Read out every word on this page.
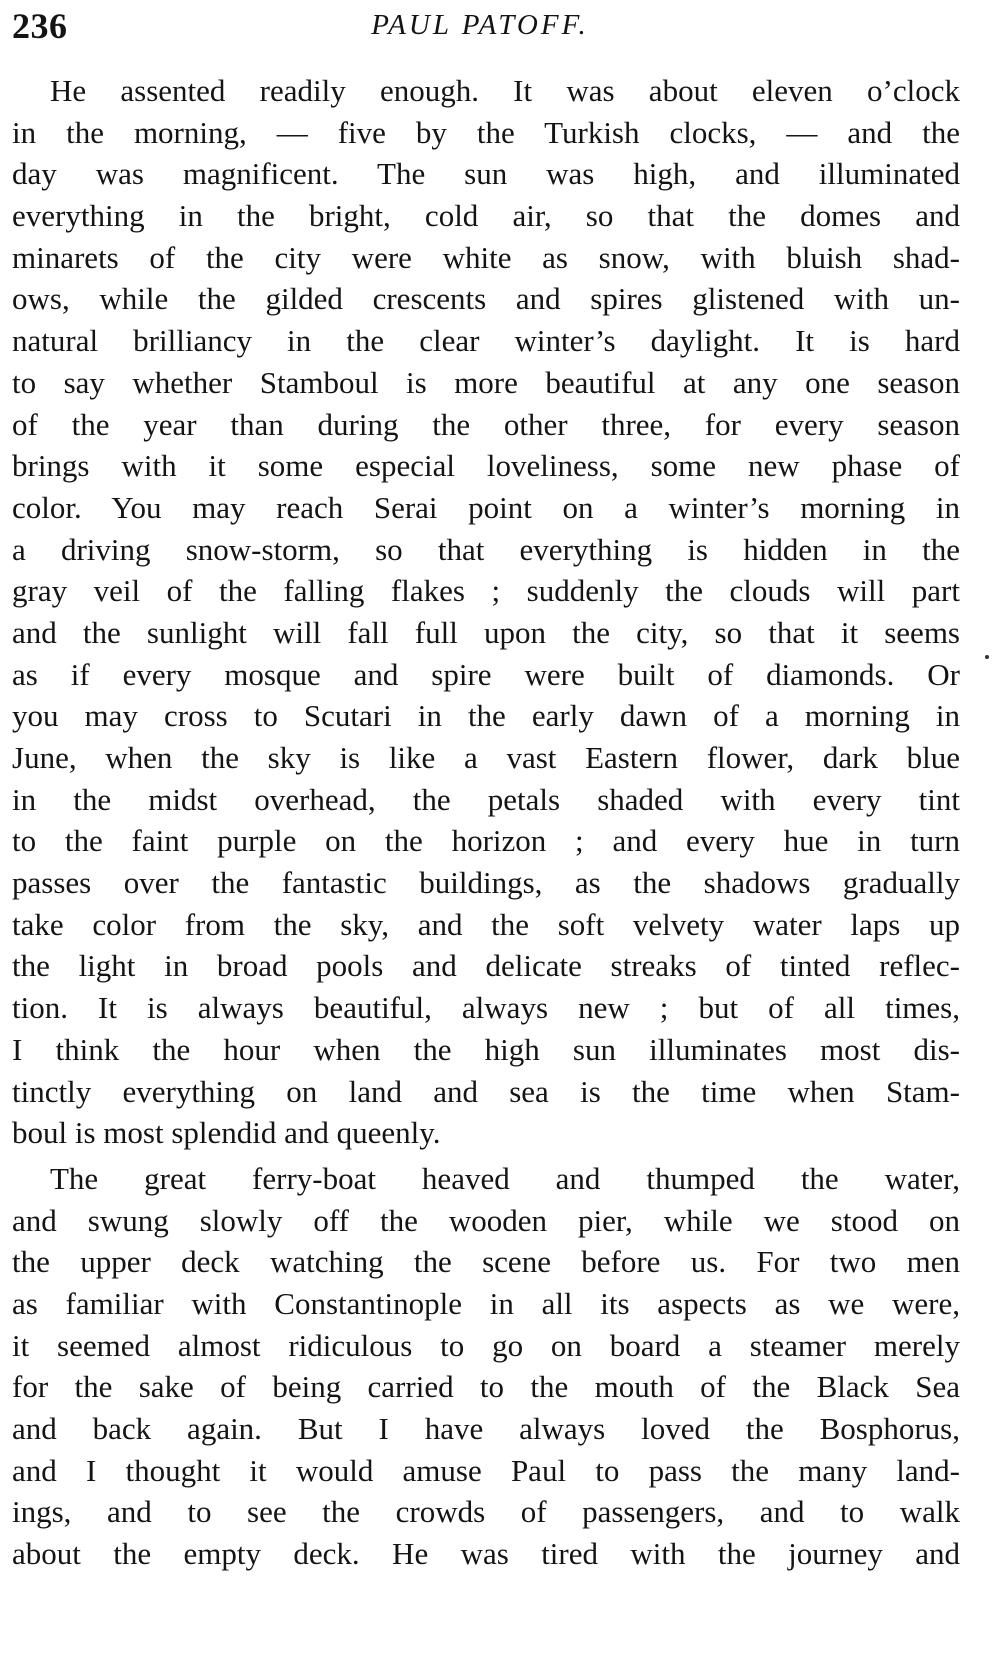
236	PAUL PATOFF.
He assented readily enough. It was about eleven o’clock
in the morning, — five by the Turkish clocks, — and the
day was magnificent. The sun was high, and illuminated
everything in the bright, cold air, so that the domes and
minarets of the city were white as snow, with bluish shad-
ows, while the gilded crescents and spires glistened with un-
natural brilliancy in the clear winter’s daylight. It is hard
to say whether Stamboul is more beautiful at any one season
of the year than during the other three, for every season
brings with it some especial loveliness, some new phase of
color. You may reach Serai point on a winter’s morning in
a driving snow-storm, so that everything is hidden in the
gray veil of the falling flakes ; suddenly the clouds will part
and the sunlight will fall full upon the city, so that it seems
as if every mosque and spire were built of diamonds. Or
you may cross to Scutari in the early dawn of a morning in
June, when the sky is like a vast Eastern flower, dark blue
in the midst overhead, the petals shaded with every tint
to the faint purple on the horizon ; and every hue in turn
passes over the fantastic buildings, as the shadows gradually
take color from the sky, and the soft velvety water laps up
the light in broad pools and delicate streaks of tinted reflec-
tion. It is always beautiful, always new ; but of all times,
I think the hour when the high sun illuminates most dis-
tinctly everything on land and sea is the time when Stam-
boul is most splendid and queenly.
The great ferry-boat heaved and thumped the water,
and swung slowly off the wooden pier, while we stood on
the upper deck watching the scene before us. For two men
as familiar with Constantinople in all its aspects as we were,
it seemed almost ridiculous to go on board a steamer merely
for the sake of being carried to the mouth of the Black Sea
and back again. But I have always loved the Bosphorus,
and I thought it would amuse Paul to pass the many land-
ings, and to see the crowds of passengers, and to walk
about the empty deck. He was tired with the journey and
